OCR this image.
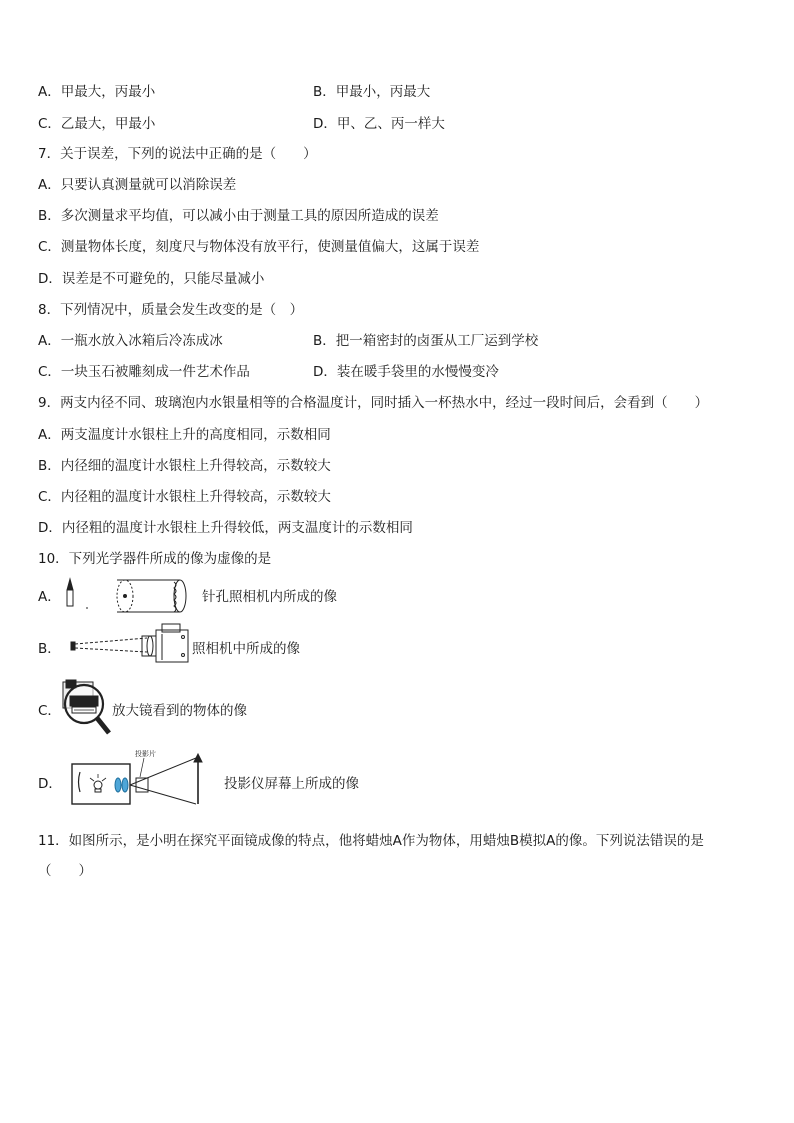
A．甲最大，丙最小	B．甲最小，丙最大
C．乙最大，甲最小	D．甲、乙、丙一样大
7．关于误差，下列的说法中正确的是（　　）
A．只要认真测量就可以消除误差
B．多次测量求平均值，可以减小由于测量工具的原因所造成的误差
C．测量物体长度，刻度尺与物体没有放平行，使测量值偏大，这属于误差
D．误差是不可避免的，只能尽量减小
8．下列情况中，质量会发生改变的是（　）
A．一瓶水放入冰箱后冷冻成冰	B．把一箱密封的卤蛋从工厂运到学校
C．一块玉石被雕刻成一件艺术作品	D．装在暖手袋里的水慢慢变冷
9．两支内径不同、玻璃泡内水银量相等的合格温度计，同时插入一杯热水中，经过一段时间后，会看到（　　）
A．两支温度计水银柱上升的高度相同，示数相同
B．内径细的温度计水银柱上升得较高，示数较大
C．内径粗的温度计水银柱上升得较高，示数较大
D．内径粗的温度计水银柱上升得较低，两支温度计的示数相同
10．下列光学器件所成的像为虚像的是
A．	针孔照相机内所成的像
B．	照相机中所成的像
C．	放大镜看到的物体的像
D．
投影片
投影仪屏幕上所成的像
11．如图所示，是小明在探究平面镜成像的特点，他将蜡烛A作为物体，用蜡烛B模拟A的像。下列说法错误的是
（　　）
